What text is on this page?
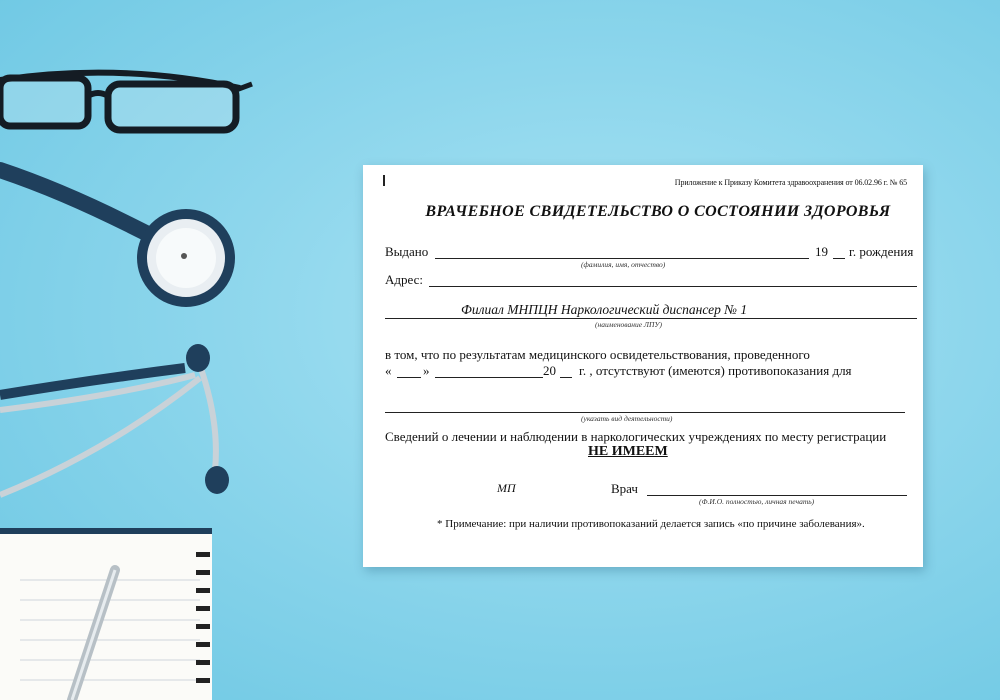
Приложение к Приказу Комитета здравоохранения от 06.02.96 г. № 65
ВРАЧЕБНОЕ СВИДЕТЕЛЬСТВО О СОСТОЯНИИ ЗДОРОВЬЯ
Выдано	19 г. рождения
(фамилия, имя, отчество)
Адрес:
Филиал МНПЦН Наркологический диспансер № 1
(наименование ЛПУ)
в том, что по результатам медицинского освидетельствования, проведенного
« »	20 г. , отсутствуют (имеются) противопоказания для
(указать вид деятельности)
Сведений о лечении и наблюдении в наркологических учреждениях по месту регистрации
НЕ ИМЕЕМ
МП	Врач
(Ф.И.О. полностью, личная печать)
* Примечание: при наличии противопоказаний делается запись «по причине заболевания».
